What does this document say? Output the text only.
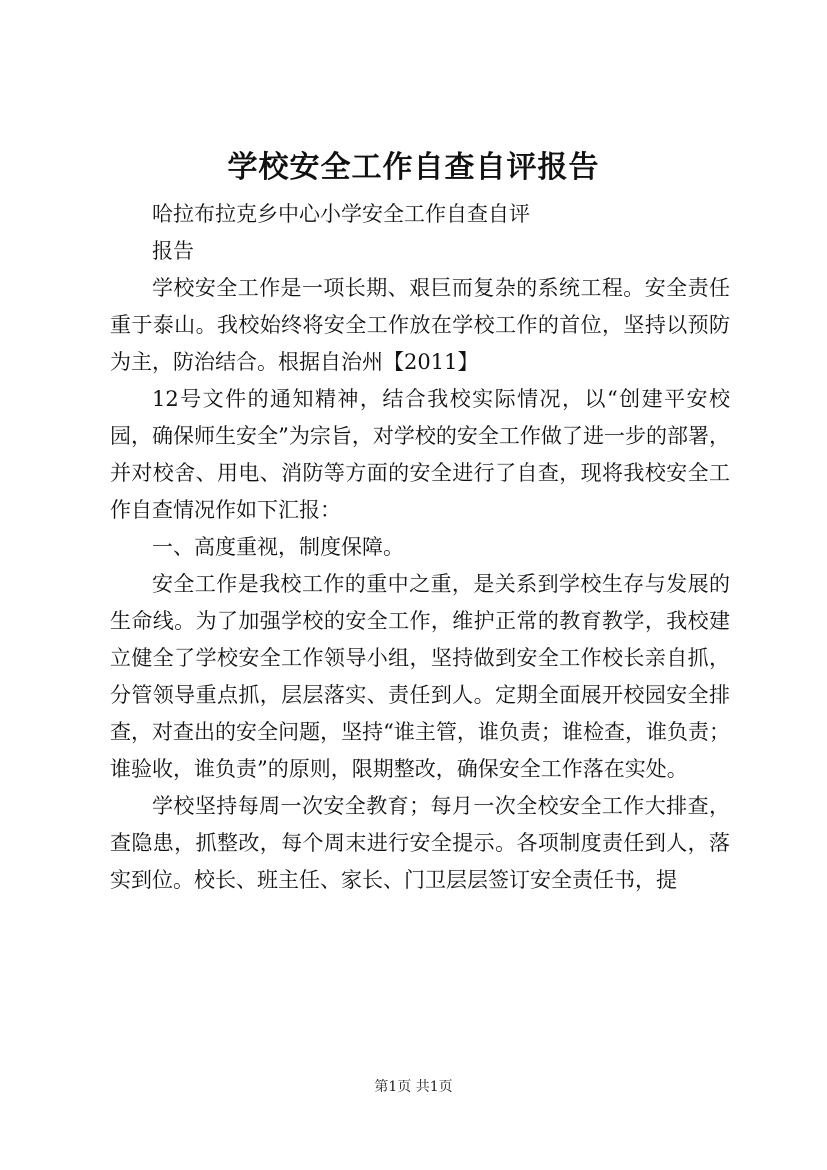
学校安全工作自查自评报告

哈拉布拉克乡中心小学安全工作自查自评

报告

学校安全工作是一项长期、艰巨而复杂的系统工程。安全责任重于泰山。我校始终将安全工作放在学校工作的首位，坚持以预防为主，防治结合。根据自治州【2011】

12号文件的通知精神，结合我校实际情况，以“创建平安校园，确保师生安全”为宗旨，对学校的安全工作做了进一步的部署，并对校舍、用电、消防等方面的安全进行了自查，现将我校安全工作自查情况作如下汇报：

一、高度重视，制度保障。

安全工作是我校工作的重中之重，是关系到学校生存与发展的生命线。为了加强学校的安全工作，维护正常的教育教学，我校建立健全了学校安全工作领导小组，坚持做到安全工作校长亲自抓，分管领导重点抓，层层落实、责任到人。定期全面展开校园安全排查，对查出的安全问题，坚持“谁主管，谁负责；谁检查，谁负责；谁验收，谁负责”的原则，限期整改，确保安全工作落在实处。

学校坚持每周一次安全教育；每月一次全校安全工作大排查，查隐患，抓整改，每个周末进行安全提示。各项制度责任到人，落实到位。校长、班主任、家长、门卫层层签订安全责任书，提

第1页 共1页
